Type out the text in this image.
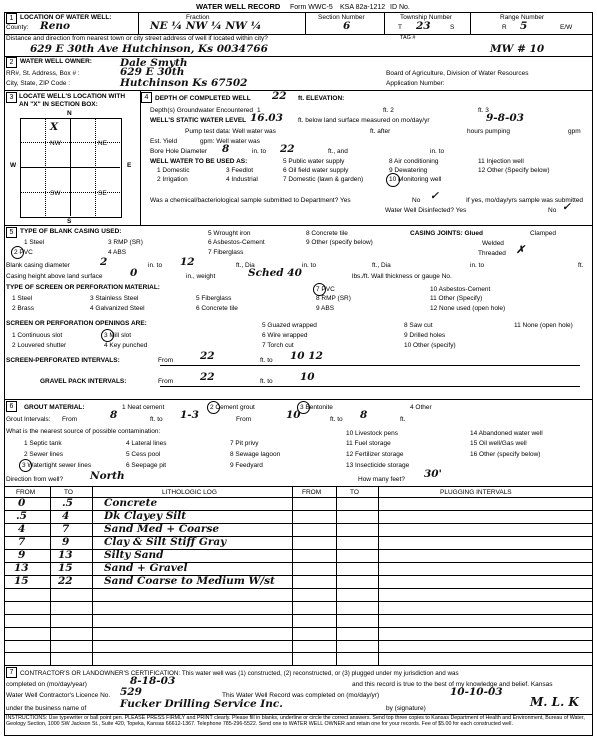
WATER WELL RECORD Form WWC-5 KSA 82a-1212 ID No.
1	LOCATION OF WATER WELL:
County: Reno
Fraction
NE ¼ NW ¼ NW ¼
Section Number
6
Township Number
T 23	S
Range Number
R 5	E/W
Distance and direction from nearest town or city street address of well if located within city?
629 E 30th Ave Hutchinson, Ks 0034766
TAG #
MW # 10
2	WATER WELL OWNER:	Dale Smyth
RR#, St. Address, Box # :	629 E 30th
City, State, ZIP Code :	Hutchinson Ks 67502
Board of Agriculture, Division of Water Resources
Application Number:
3 LOCATE WELL'S LOCATION WITH
AN "X" IN SECTION BOX:
N
S
W	E
NW	NE
SW	SE
X
4	DEPTH OF COMPLETED WELL 22 ft. ELEVATION:
Depth(s) Groundwater Encountered 1	ft. 2	ft. 3
WELL'S STATIC WATER LEVEL 16.03 ft. below land surface measured on mo/day/yr	9-8-03
Pump test data: Well water was	ft. after	hours pumping	gpm
Est. Yield	gpm: Well water was
Bore Hole Diameter 8	in. to 22	ft., and	in. to
WELL WATER TO BE USED AS:
1 Domestic
2 Irrigation
3 Feedlot
4 Industrial
5 Public water supply
6 Oil field water supply
7 Domestic (lawn & garden)
8 Air conditioning
9 Dewatering
10 Monitoring well
11 Injection well
12 Other (Specify below)
Was a chemical/bacteriological sample submitted to Department? Yes	No ✓	If yes, mo/day/yrs sample was submitted
Water Well Disinfected? Yes	No ✓
5	TYPE OF BLANK CASING USED:
1 Steel
2 PVC
3 RMP (SR)
4 ABS
5 Wrought iron
6 Asbestos-Cement
7 Fiberglass
8 Concrete tile
9 Other (specify below)
CASING JOINTS: Glued	Clamped
Welded
Threaded ✗
Blank casing diameter	2	in. to 12	ft., Dia	in. to	ft., Dia	in. to	ft.
Casing height above land surface	0	in., weight	Sched 40	lbs./ft. Wall thickness or gauge No.
TYPE OF SCREEN OR PERFORATION MATERIAL:
1 Steel
2 Brass
3 Stainless Steel
4 Galvanized Steel
5 Fiberglass
6 Concrete tile
7 PVC
8 RMP (SR)
9 ABS
10 Asbestos-Cement
11 Other (Specify)
12 None used (open hole)
SCREEN OR PERFORATION OPENINGS ARE:
1 Continuous slot
2 Louvered shutter
3 Mill slot
4 Key punched
5 Guazed wrapped
6 Wire wrapped
7 Torch cut
8 Saw cut
9 Drilled holes
10 Other (specify)
11 None (open hole)
SCREEN-PERFORATED INTERVALS:	From	22	ft. to 10 12
GRAVEL PACK INTERVALS:	From	22	ft. to	10
6	GROUT MATERIAL:	1 Neat cement	2 Cement grout	3 Bentonite	4 Other
Grout Intervals: From	8	ft. to 1-3	From	10	ft. to 8	ft.
What is the nearest source of possible contamination:
1 Septic tank
2 Sewer lines
3 Watertight sewer lines
4 Lateral lines
5 Cess pool
6 Seepage pit
7 Pit privy
8 Sewage lagoon
9 Feedyard
10 Livestock pens
11 Fuel storage
12 Fertilizer storage
13 Insecticide storage
14 Abandoned water well
15 Oil well/Gas well
16 Other (specify below)
Direction from well?	North	How many feet? 30'
FROM	TO	LITHOLOGIC LOG	FROM	TO	PLUGGING INTERVALS
0	.5	Concrete
.5	4	Dk Clayey Silt
4	7	Sand Med + Coarse
7	9	Clay & Silt Stiff Gray
9	13	Silty Sand
13	15	Sand + Gravel
15	22	Sand Coarse to Medium W/st
7	CONTRACTOR'S OR LANDOWNER'S CERTIFICATION: This water well was (1) constructed, (2) reconstructed, or (3) plugged under my jurisdiction and was
completed on (mo/day/year)	8-18-03	and this record is true to the best of my knowledge and belief. Kansas
Water Well Contractor's Licence No. 529	This Water Well Record was completed on (mo/day/yr)	10-10-03
under the business name of	Fucker Drilling Service Inc.	by (signature)	M. L. K
INSTRUCTIONS: Use typewriter or ball point pen. PLEASE PRESS FIRMLY and PRINT clearly. Please fill in blanks, underline or circle the correct answers. Send top three copies to Kansas Department of Health and Environment, Bureau of Water, Geology Section, 1000 SW Jackson St., Suite 420, Topeka, Kansas 66612-1367. Telephone 785-296-5522. Send one to WATER WELL OWNER and retain one for your records. Fee of $5.00 for each constructed well.
